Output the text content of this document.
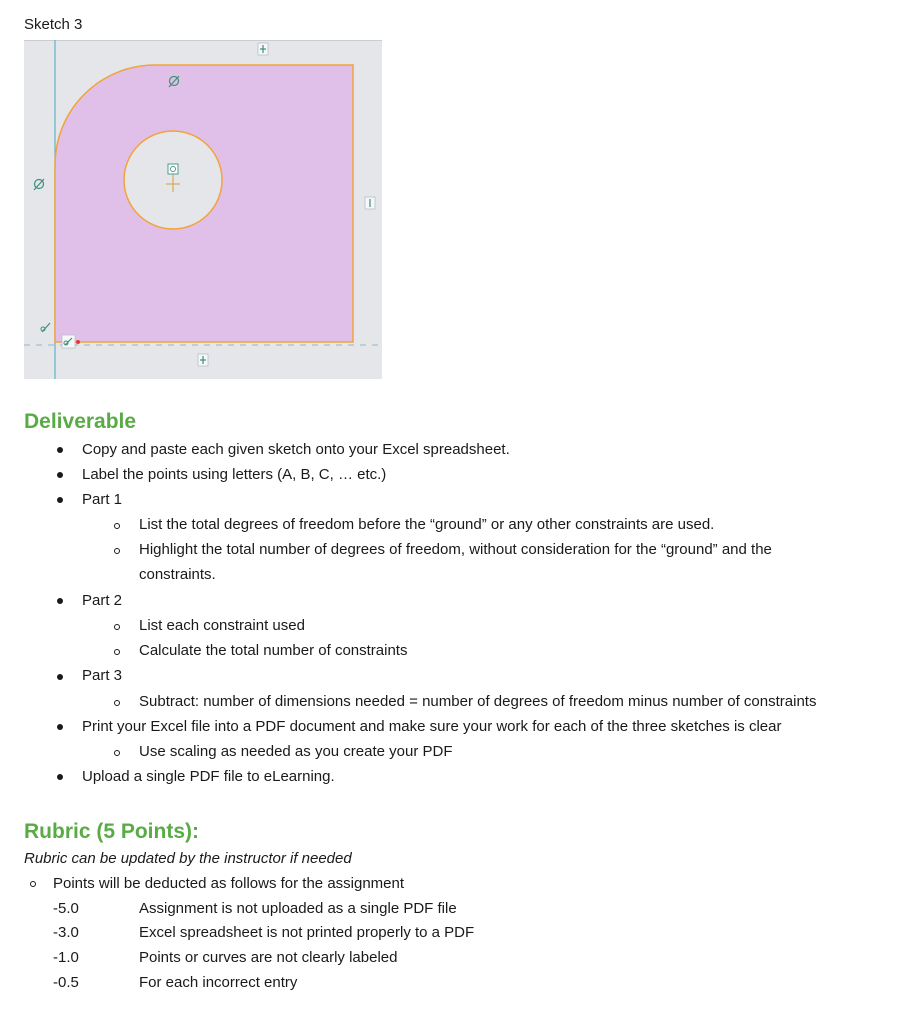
Sketch 3
Deliverable
Copy and paste each given sketch onto your Excel spreadsheet.
Label the points using letters (A, B, C, … etc.)
Part 1
List the total degrees of freedom before the “ground” or any other constraints are used.
Highlight the total number of degrees of freedom, without consideration for the “ground” and the
constraints.
Part 2
List each constraint used
Calculate the total number of constraints
Part 3
Subtract: number of dimensions needed = number of degrees of freedom minus number of constraints
Print your Excel file into a PDF document and make sure your work for each of the three sketches is clear
Use scaling as needed as you create your PDF
Upload a single PDF file to eLearning.
Rubric (5 Points):
Rubric can be updated by the instructor if needed
Points will be deducted as follows for the assignment
-5.0	Assignment is not uploaded as a single PDF file
-3.0	Excel spreadsheet is not printed properly to a PDF
-1.0	Points or curves are not clearly labeled
-0.5	For each incorrect entry
